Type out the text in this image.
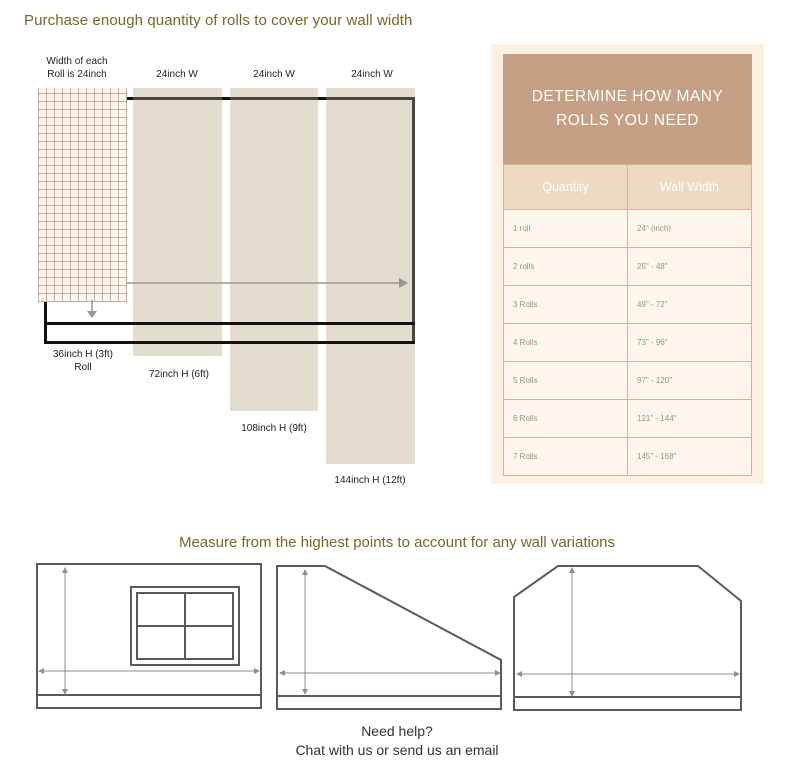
Purchase enough quantity of rolls to cover your wall width
Width of each
Roll is 24inch	24inch W	24inch W	24inch W
36inch H (3ft)
Roll
72inch H (6ft)
108inch H (9ft)
144inch H (12ft)
DETERMINE HOW MANY
ROLLS YOU NEED
Quantity	Wall Width
1 roll	24" (inch)
2 rolls	25" - 48"
3 Rolls	49" - 72"
4 Rolls	73" - 96"
5 Rolls	97" - 120"
6 Rolls	121" - 144"
7 Rolls	145" - 168"
Measure from the highest points to account for any wall variations
Need help?
Chat with us or send us an email
